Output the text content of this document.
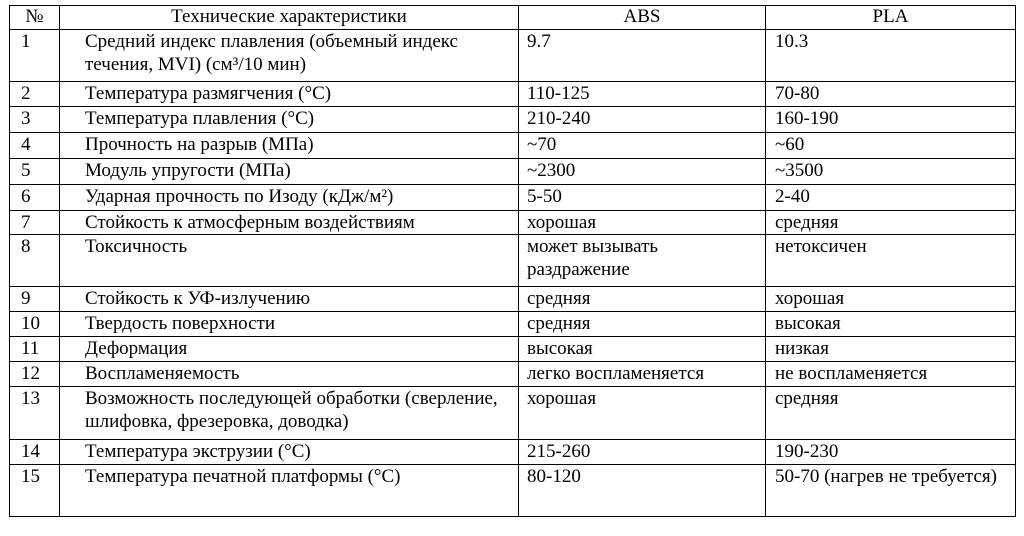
№	Технические характеристики	ABS	PLA
1	Средний индекс плавления (объемный индекс течения, MVI) (см³/10 мин)	9.7	10.3
2	Температура размягчения (°С)	110-125	70-80
3	Температура плавления (°С)	210-240	160-190
4	Прочность на разрыв (МПа)	~70	~60
5	Модуль упругости (МПа)	~2300	~3500
6	Ударная прочность по Изоду (кДж/м²)	5-50	2-40
7	Стойкость к атмосферным воздействиям	хорошая	средняя
8	Токсичность	может вызывать раздражение	нетоксичен
9	Стойкость к УФ-излучению	средняя	хорошая
10	Твердость поверхности	средняя	высокая
11	Деформация	высокая	низкая
12	Воспламеняемость	легко воспламеняется	не воспламеняется
13	Возможность последующей обработки (сверление, шлифовка, фрезеровка, доводка)	хорошая	средняя
14	Температура экструзии (°С)	215-260	190-230
15	Температура печатной платформы (°С)	80-120	50-70 (нагрев не требуется)
